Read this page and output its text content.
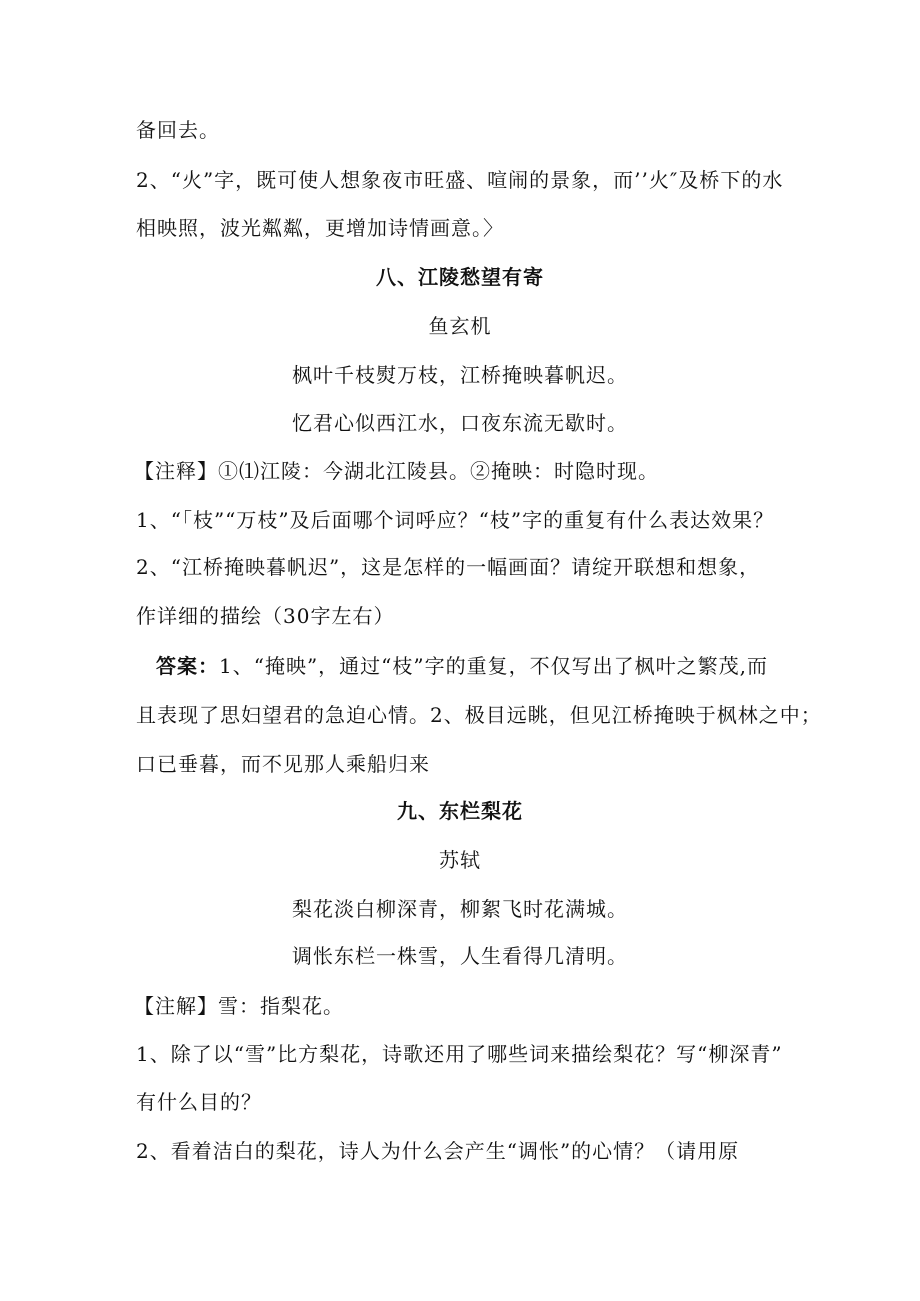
备回去。
2、“火”字，既可使人想象夜市旺盛、喧闹的景象，而’’火″及桥下的水
相映照，波光粼粼，更增加诗情画意。〉
八、江陵愁望有寄
鱼玄机
枫叶千枝熨万枝，江桥掩映暮帆迟。
忆君心似西江水，口夜东流无歇时。
【注释】①⑴江陵：今湖北江陵县。②掩映：时隐时现。
1、“「枝”“万枝”及后面哪个词呼应？“枝”字的重复有什么表达效果？
2、“江桥掩映暮帆迟”，这是怎样的一幅画面？请绽开联想和想象，
作详细的描绘（30字左右）
答案：1、“掩映”，通过“枝”字的重复，不仅写出了枫叶之繁茂,而
且表现了思妇望君的急迫心情。2、极目远眺，但见江桥掩映于枫林之中；
口已垂暮，而不见那人乘船归来
九、东栏梨花
苏轼
梨花淡白柳深青，柳絮飞时花满城。
调怅东栏一株雪，人生看得几清明。
【注解】雪：指梨花。
1、除了以“雪”比方梨花，诗歌还用了哪些词来描绘梨花？写“柳深青”
有什么目的？
2、看着洁白的梨花，诗人为什么会产生“调怅”的心情？（请用原
